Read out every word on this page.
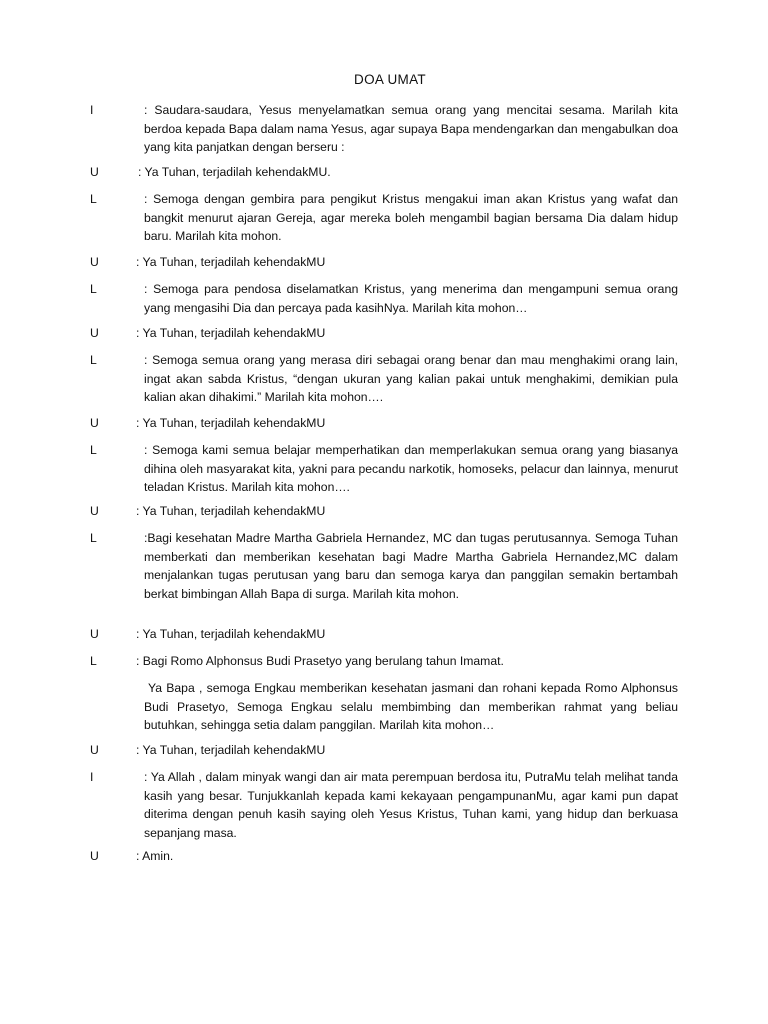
DOA UMAT
I	: Saudara-saudara, Yesus menyelamatkan semua orang yang mencitai sesama. Marilah kita berdoa kepada Bapa dalam nama Yesus, agar supaya Bapa mendengarkan dan mengabulkan doa yang kita panjatkan dengan berseru :
U	: Ya Tuhan, terjadilah kehendakMU.
L	: Semoga dengan gembira para pengikut Kristus mengakui iman akan Kristus yang wafat dan bangkit menurut ajaran Gereja, agar mereka boleh mengambil bagian bersama Dia dalam hidup baru. Marilah kita mohon.
U	: Ya Tuhan, terjadilah kehendakMU
L	: Semoga para pendosa diselamatkan Kristus, yang menerima dan mengampuni semua orang yang mengasihi Dia dan percaya pada kasihNya. Marilah kita mohon…
U	: Ya Tuhan, terjadilah kehendakMU
L	: Semoga semua orang yang merasa diri sebagai orang benar dan mau menghakimi orang lain, ingat akan sabda Kristus, “dengan ukuran yang kalian pakai untuk menghakimi, demikian pula kalian akan dihakimi.” Marilah kita mohon….
U	: Ya Tuhan, terjadilah kehendakMU
L	: Semoga kami semua belajar memperhatikan dan memperlakukan semua orang yang biasanya dihina oleh masyarakat kita, yakni para pecandu narkotik, homoseks, pelacur dan lainnya, menurut teladan Kristus. Marilah kita mohon….
U	: Ya Tuhan, terjadilah kehendakMU
L	:Bagi kesehatan Madre Martha Gabriela Hernandez, MC dan tugas perutusannya. Semoga Tuhan memberkati dan memberikan kesehatan bagi Madre Martha Gabriela Hernandez,MC dalam menjalankan tugas perutusan yang baru dan semoga karya dan panggilan semakin bertambah berkat bimbingan Allah Bapa di surga. Marilah kita mohon.
U	: Ya Tuhan, terjadilah kehendakMU
L	: Bagi Romo Alphonsus Budi Prasetyo yang berulang tahun Imamat.
Ya Bapa , semoga Engkau memberikan kesehatan jasmani dan rohani kepada Romo Alphonsus Budi Prasetyo, Semoga Engkau selalu membimbing dan memberikan rahmat yang beliau butuhkan, sehingga setia dalam panggilan. Marilah kita mohon…
U	: Ya Tuhan, terjadilah kehendakMU
I	: Ya Allah , dalam minyak wangi dan air mata perempuan berdosa itu, PutraMu telah melihat tanda kasih yang besar. Tunjukkanlah kepada kami kekayaan pengampunanMu, agar kami pun dapat diterima dengan penuh kasih saying oleh Yesus Kristus, Tuhan kami, yang hidup dan berkuasa sepanjang masa.
U	: Amin.
